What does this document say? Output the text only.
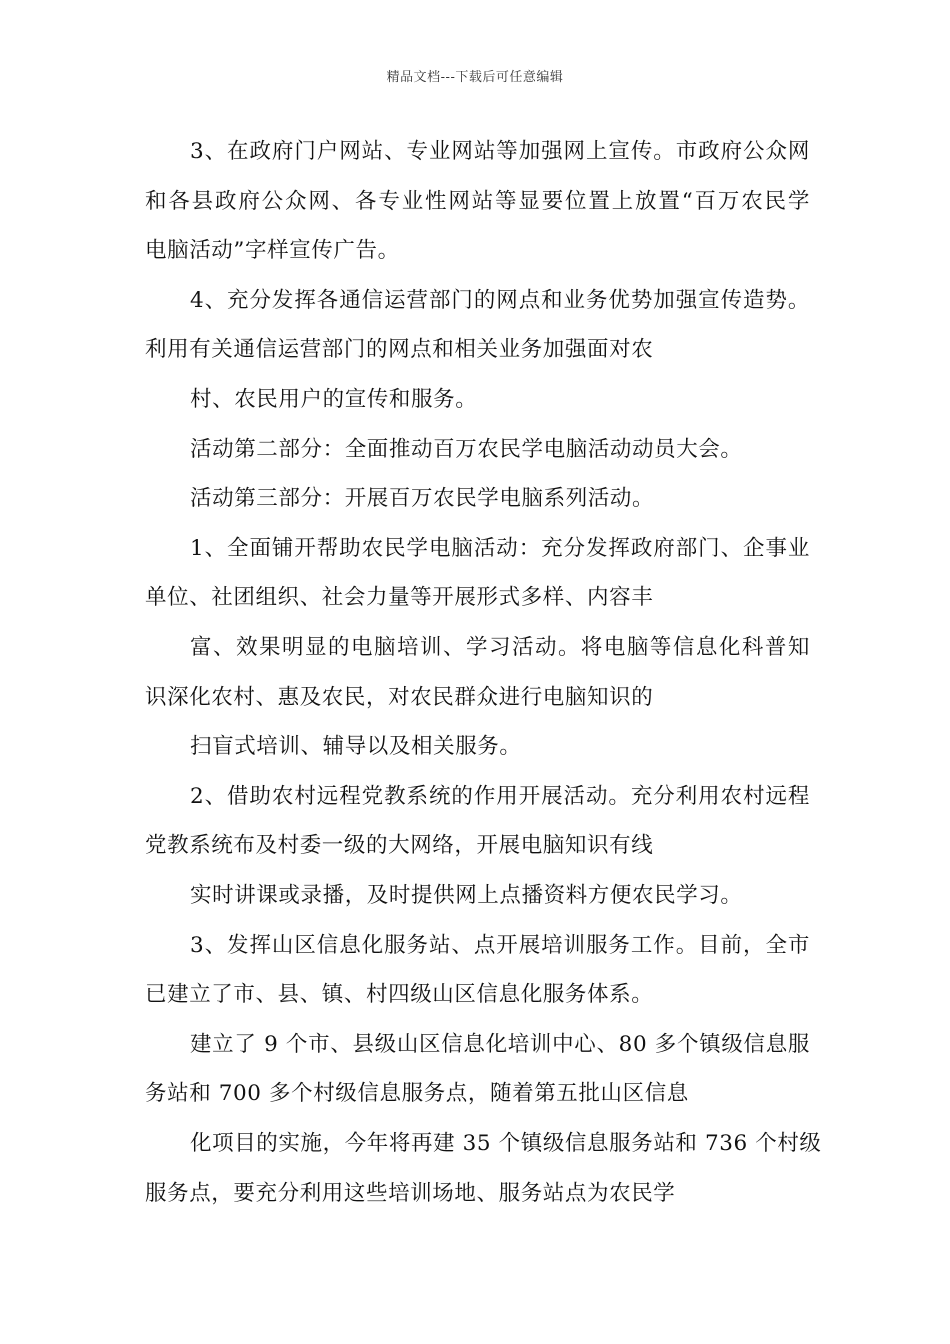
精品文档---下载后可任意编辑
3、在政府门户网站、专业网站等加强网上宣传。市政府公众网
和各县政府公众网、各专业性网站等显要位置上放置“百万农民学
电脑活动”字样宣传广告。
4、充分发挥各通信运营部门的网点和业务优势加强宣传造势。
利用有关通信运营部门的网点和相关业务加强面对农
村、农民用户的宣传和服务。
活动第二部分：全面推动百万农民学电脑活动动员大会。
活动第三部分：开展百万农民学电脑系列活动。
1、全面铺开帮助农民学电脑活动：充分发挥政府部门、企事业
单位、社团组织、社会力量等开展形式多样、内容丰
富、效果明显的电脑培训、学习活动。将电脑等信息化科普知
识深化农村、惠及农民，对农民群众进行电脑知识的
扫盲式培训、辅导以及相关服务。
2、借助农村远程党教系统的作用开展活动。充分利用农村远程
党教系统布及村委一级的大网络，开展电脑知识有线
实时讲课或录播，及时提供网上点播资料方便农民学习。
3、发挥山区信息化服务站、点开展培训服务工作。目前，全市
已建立了市、县、镇、村四级山区信息化服务体系。
建立了 9 个市、县级山区信息化培训中心、80 多个镇级信息服
务站和 700 多个村级信息服务点，随着第五批山区信息
化项目的实施，今年将再建 35 个镇级信息服务站和 736 个村级
服务点，要充分利用这些培训场地、服务站点为农民学
